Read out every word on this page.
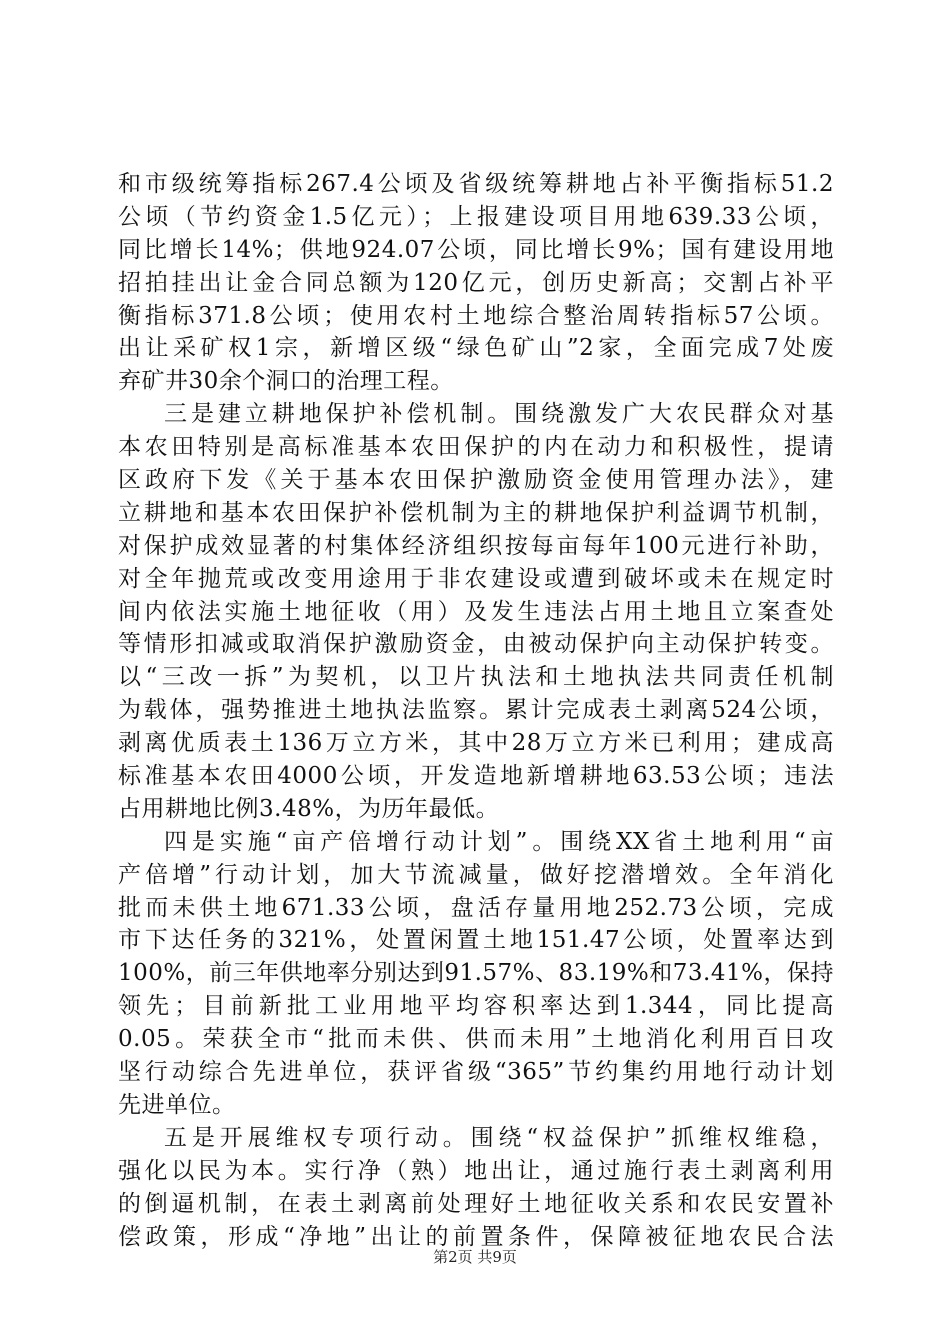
和市级统筹指标267.4公顷及省级统筹耕地占补平衡指标51.2
公顷（节约资金1.5亿元）；上报建设项目用地639.33公顷，
同比增长14%；供地924.07公顷，同比增长9%；国有建设用地
招拍挂出让金合同总额为120亿元，创历史新高；交割占补平
衡指标371.8公顷；使用农村土地综合整治周转指标57公顷。
出让采矿权1宗，新增区级“绿色矿山”2家，全面完成7处废
弃矿井30余个洞口的治理工程。
三是建立耕地保护补偿机制。围绕激发广大农民群众对基
本农田特别是高标准基本农田保护的内在动力和积极性，提请
区政府下发《关于基本农田保护激励资金使用管理办法》，建
立耕地和基本农田保护补偿机制为主的耕地保护利益调节机制，
对保护成效显著的村集体经济组织按每亩每年100元进行补助，
对全年抛荒或改变用途用于非农建设或遭到破坏或未在规定时
间内依法实施土地征收（用）及发生违法占用土地且立案查处
等情形扣减或取消保护激励资金，由被动保护向主动保护转变。
以“三改一拆”为契机，以卫片执法和土地执法共同责任机制
为载体，强势推进土地执法监察。累计完成表土剥离524公顷，
剥离优质表土136万立方米，其中28万立方米已利用；建成高
标准基本农田4000公顷，开发造地新增耕地63.53公顷；违法
占用耕地比例3.48%，为历年最低。
四是实施“亩产倍增行动计划”。围绕XX省土地利用“亩
产倍增”行动计划，加大节流减量，做好挖潜增效。全年消化
批而未供土地671.33公顷，盘活存量用地252.73公顷，完成
市下达任务的321%，处置闲置土地151.47公顷，处置率达到
100%，前三年供地率分别达到91.57%、83.19%和73.41%，保持
领先；目前新批工业用地平均容积率达到1.344，同比提高
0.05。荣获全市“批而未供、供而未用”土地消化利用百日攻
坚行动综合先进单位，获评省级“365”节约集约用地行动计划
先进单位。
五是开展维权专项行动。围绕“权益保护”抓维权维稳，
强化以民为本。实行净（熟）地出让，通过施行表土剥离利用
的倒逼机制，在表土剥离前处理好土地征收关系和农民安置补
偿政策，形成“净地”出让的前置条件，保障被征地农民合法
第2页 共9页
